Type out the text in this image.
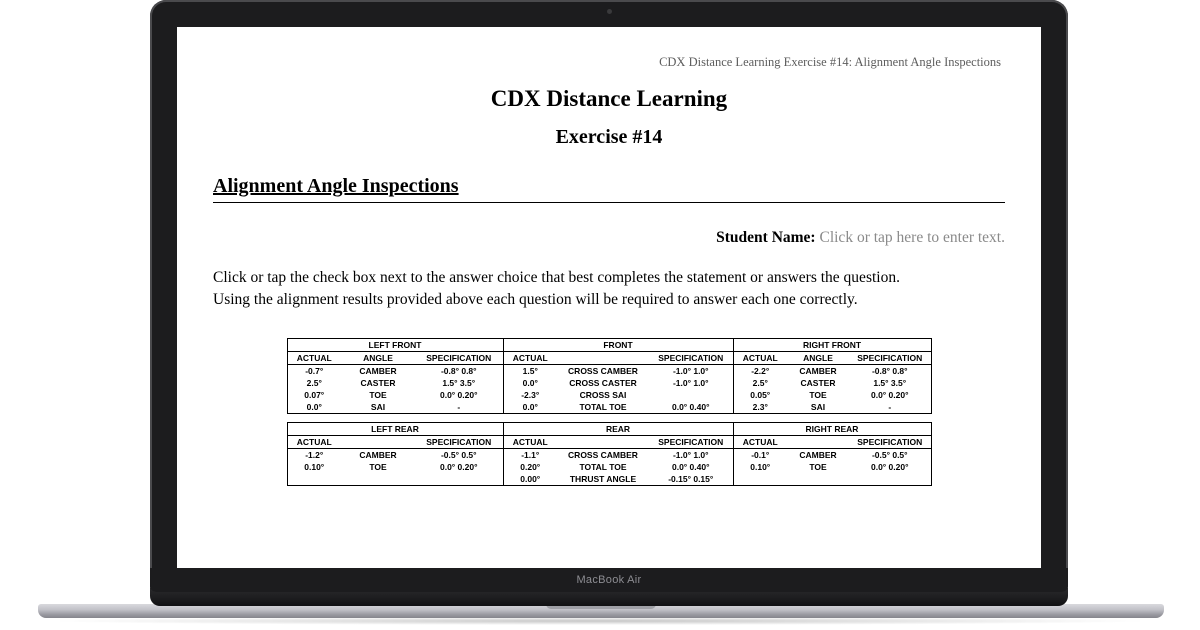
CDX Distance Learning Exercise #14: Alignment Angle Inspections
CDX Distance Learning
Exercise #14
Alignment Angle Inspections
Student Name: Click or tap here to enter text.
Click or tap the check box next to the answer choice that best completes the statement or answers the question. Using the alignment results provided above each question will be required to answer each one correctly.
LEFT FRONT			FRONT			RIGHT FRONT		
ACTUAL	ANGLE	SPECIFICATION	ACTUAL		SPECIFICATION	ACTUAL	ANGLE	SPECIFICATION
-0.7°	CAMBER	-0.8° 0.8°	1.5°	CROSS CAMBER	-1.0° 1.0°	-2.2°	CAMBER	-0.8° 0.8°
2.5°	CASTER	1.5° 3.5°	0.0°	CROSS CASTER	-1.0° 1.0°	2.5°	CASTER	1.5° 3.5°
0.07°	TOE	0.0° 0.20°	-2.3°	CROSS SAI		0.05°	TOE	0.0° 0.20°
0.0°	SAI	-	0.0°	TOTAL TOE	0.0° 0.40°	2.3°	SAI	-
LEFT REAR			REAR			RIGHT REAR		
ACTUAL		SPECIFICATION	ACTUAL		SPECIFICATION	ACTUAL		SPECIFICATION
-1.2°	CAMBER	-0.5° 0.5°	-1.1°	CROSS CAMBER	-1.0° 1.0°	-0.1°	CAMBER	-0.5° 0.5°
0.10°	TOE	0.0° 0.20°	0.20°	TOTAL TOE	0.0° 0.40°	0.10°	TOE	0.0° 0.20°
			0.00°	THRUST ANGLE	-0.15° 0.15°			
MacBook Air
